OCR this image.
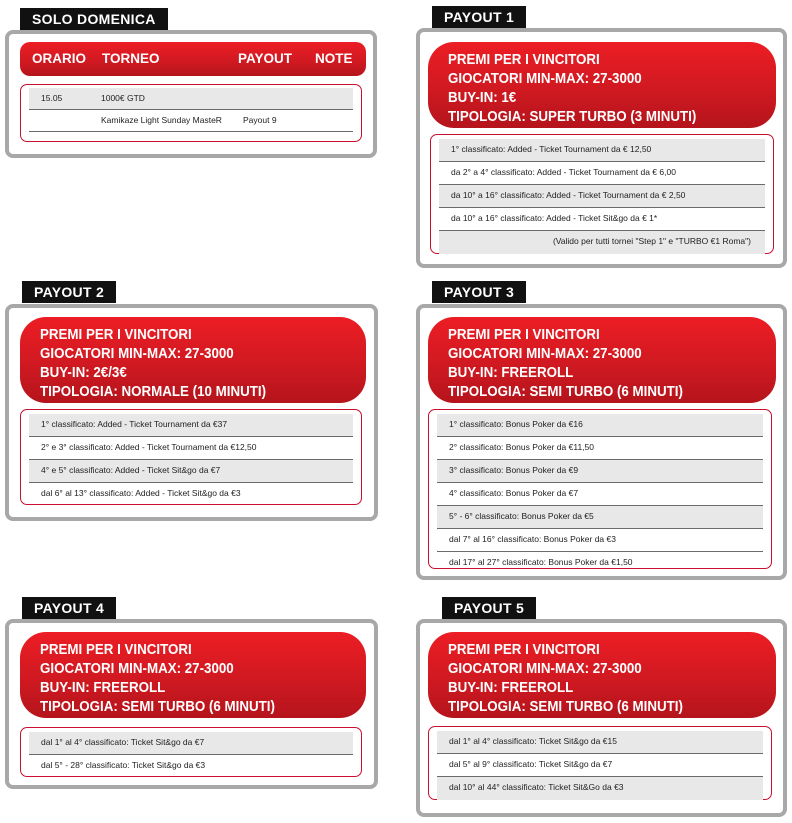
SOLO DOMENICA
ORARIO TORNEO	PAYOUT NOTE
15.05	1000€ GTD
Kamikaze Light Sunday MasteR Payout 9
PAYOUT 1
PREMI PER I VINCITORI
GIOCATORI MIN-MAX: 27-3000
BUY-IN: 1€
TIPOLOGIA: SUPER TURBO (3 MINUTI)
1° classificato: Added - Ticket Tournament da € 12,50
da 2° a 4° classificato: Added - Ticket Tournament da € 6,00
da 10° a 16° classificato: Added - Ticket Tournament da € 2,50
da 10° a 16° classificato: Added - Ticket Sit&go da € 1*
(Valido per tutti tornei "Step 1" e "TURBO €1 Roma")
PAYOUT 2
PREMI PER I VINCITORI
GIOCATORI MIN-MAX: 27-3000
BUY-IN: 2€/3€
TIPOLOGIA: NORMALE (10 MINUTI)
1° classificato: Added - Ticket Tournament da €37
2° e 3° classificato: Added - Ticket Tournament da €12,50
4° e 5° classificato: Added - Ticket Sit&go da €7
dal 6° al 13° classificato: Added - Ticket Sit&go da €3
PAYOUT 3
PREMI PER I VINCITORI
GIOCATORI MIN-MAX: 27-3000
BUY-IN: FREEROLL
TIPOLOGIA: SEMI TURBO (6 MINUTI)
1° classificato: Bonus Poker da €16
2° classificato: Bonus Poker da €11,50
3° classificato: Bonus Poker da €9
4° classificato: Bonus Poker da €7
5° - 6° classificato: Bonus Poker da €5
dal 7° al 16° classificato: Bonus Poker da €3
dal 17° al 27° classificato: Bonus Poker da €1,50
PAYOUT 4
PREMI PER I VINCITORI
GIOCATORI MIN-MAX: 27-3000
BUY-IN: FREEROLL
TIPOLOGIA: SEMI TURBO (6 MINUTI)
dal 1° al 4° classificato: Ticket Sit&go da €7
dal 5° - 28° classificato: Ticket Sit&go da €3
PAYOUT 5
PREMI PER I VINCITORI
GIOCATORI MIN-MAX: 27-3000
BUY-IN: FREEROLL
TIPOLOGIA: SEMI TURBO (6 MINUTI)
dal 1° al 4° classificato: Ticket Sit&go da €15
dal 5° al 9° classificato: Ticket Sit&go da €7
dal 10° al 44° classificato: Ticket Sit&Go da €3
